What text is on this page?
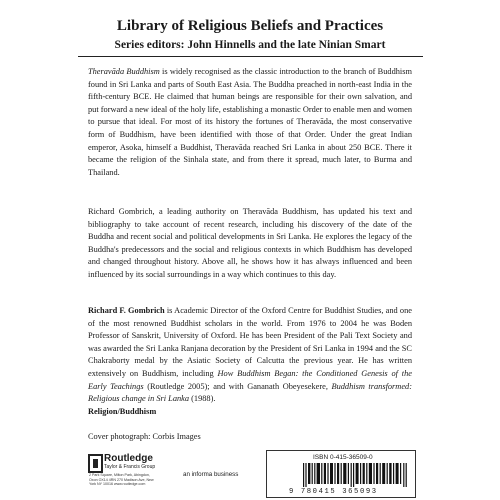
Library of Religious Beliefs and Practices
Series editors: John Hinnells and the late Ninian Smart

Theravāda Buddhism is widely recognised as the classic introduction to the branch of Buddhism found in Sri Lanka and parts of South East Asia. The Buddha preached in north-east India in the fifth-century BCE. He claimed that human beings are responsible for their own salvation, and put forward a new ideal of the holy life, establishing a monastic Order to enable men and women to pursue that ideal. For most of its history the fortunes of Theravāda, the most conservative form of Buddhism, have been identified with those of that Order. Under the great Indian emperor, Asoka, himself a Buddhist, Theravāda reached Sri Lanka in about 250 BCE. There it became the religion of the Sinhala state, and from there it spread, much later, to Burma and Thailand.

Richard Gombrich, a leading authority on Theravāda Buddhism, has updated his text and bibliography to take account of recent research, including his discovery of the date of the Buddha and recent social and political developments in Sri Lanka. He explores the legacy of the Buddha's predecessors and the social and religious contexts in which Buddhism has developed and changed throughout history. Above all, he shows how it has always influenced and been influenced by its social surroundings in a way which continues to this day.

Richard F. Gombrich is Academic Director of the Oxford Centre for Buddhist Studies, and one of the most renowned Buddhist scholars in the world. From 1976 to 2004 he was Boden Professor of Sanskrit, University of Oxford. He has been President of the Pali Text Society and was awarded the Sri Lanka Ranjana decoration by the President of Sri Lanka in 1994 and the SC Chakraborty medal by the Asiatic Society of Calcutta the previous year. He has written extensively on Buddhism, including How Buddhism Began: the Conditioned Genesis of the Early Teachings (Routledge 2005); and with Gananath Obeyesekere, Buddhism transformed: Religious change in Sri Lanka (1988).

Religion/Buddhism
Cover photograph: Corbis Images
Routledge
Taylor & Francis Group
2 Park Square, Milton Park, Abingdon, Oxon OX14 4RN 270 Madison Ave, New York NY 10016 www.routledge.com
an informa business
ISBN 0-415-36509-0
9 780415 365093
